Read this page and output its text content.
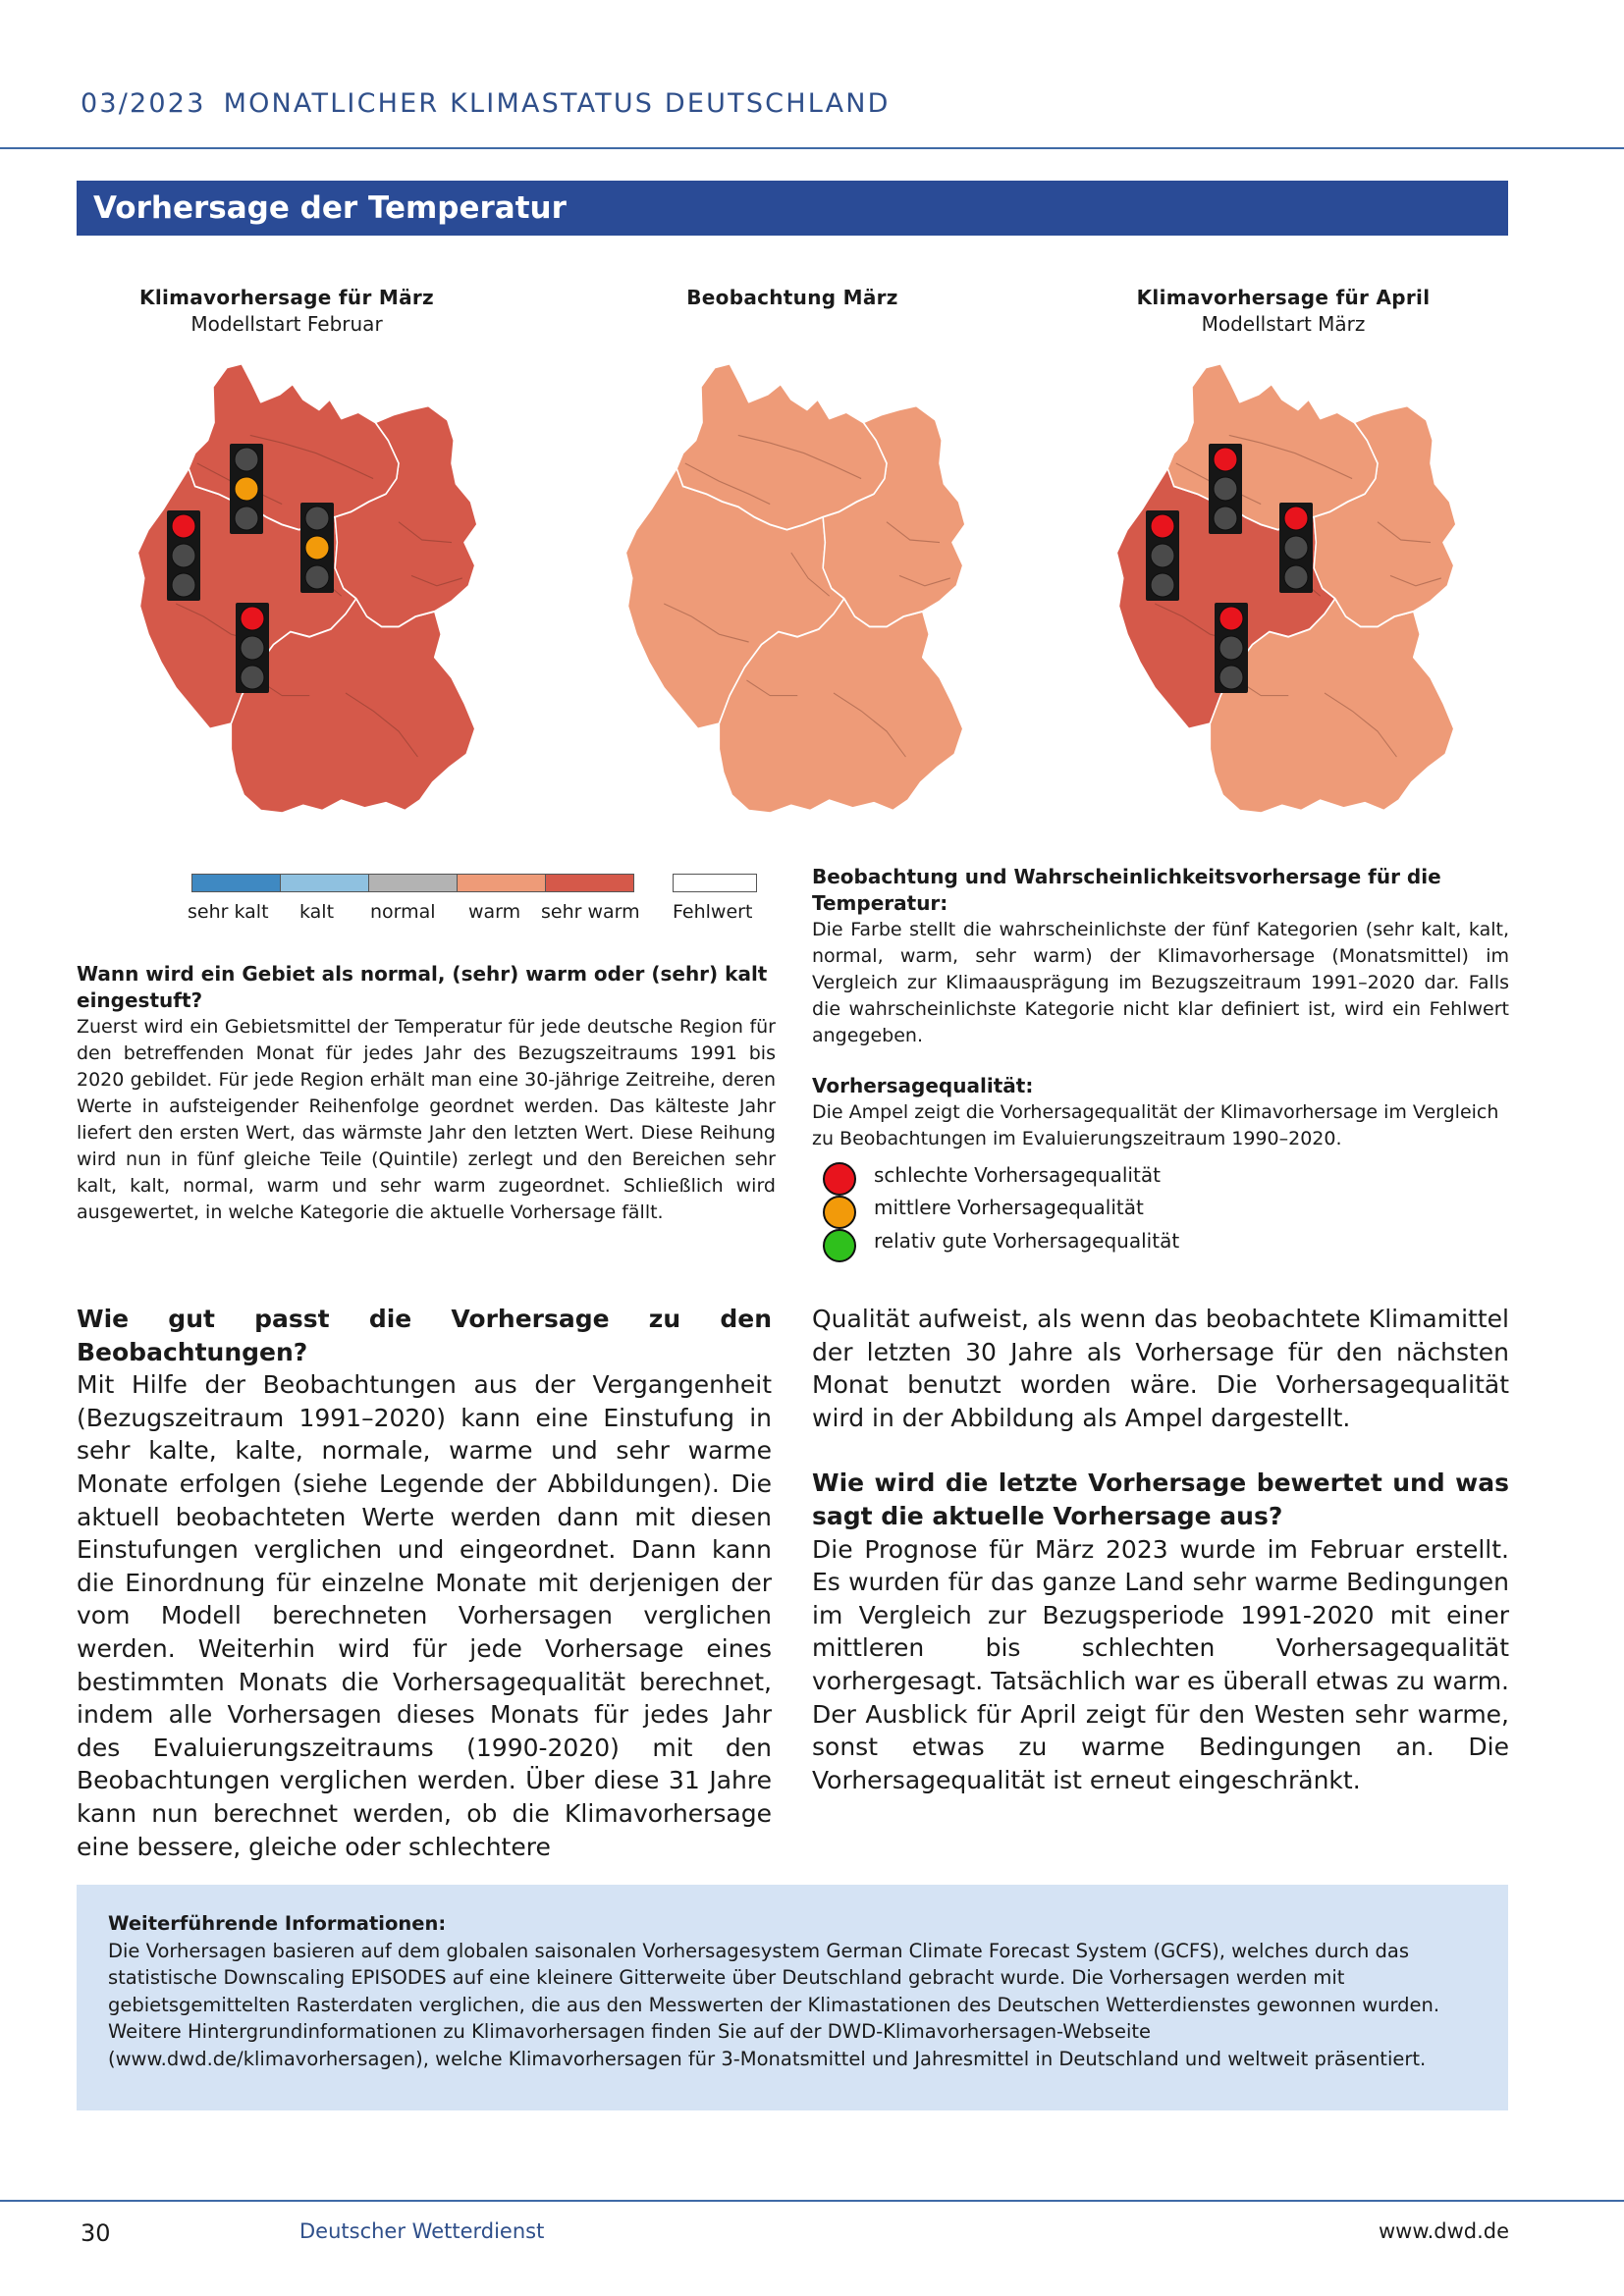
03/2023 MONATLICHER KLIMASTATUS DEUTSCHLAND
Vorhersage der Temperatur
Klimavorhersage für März
Modellstart Februar
Beobachtung März	Klimavorhersage für April
Modellstart März
sehr kalt kalt normal warm sehr warm Fehlwert
Wann wird ein Gebiet als normal, (sehr) warm oder (sehr) kalt eingestuft?
Zuerst wird ein Gebietsmittel der Temperatur für jede deutsche Region für den betreffenden Monat für jedes Jahr des Bezugszeitraums 1991 bis 2020 gebildet. Für jede Region erhält man eine 30-jährige Zeitreihe, deren Werte in aufsteigender Reihenfolge geordnet werden. Das kälteste Jahr liefert den ersten Wert, das wärmste Jahr den letzten Wert. Diese Reihung wird nun in fünf gleiche Teile (Quintile) zerlegt und den Bereichen sehr kalt, kalt, normal, warm und sehr warm zugeordnet. Schließlich wird ausgewertet, in welche Kategorie die aktuelle Vorhersage fällt.
Beobachtung und Wahrscheinlichkeitsvorhersage für die Temperatur:
Die Farbe stellt die wahrscheinlichste der fünf Kategorien (sehr kalt, kalt, normal, warm, sehr warm) der Klimavorhersage (Monatsmittel) im Vergleich zur Klimaausprägung im Bezugszeitraum 1991–2020 dar. Falls die wahrscheinlichste Kategorie nicht klar definiert ist, wird ein Fehlwert angegeben.
Vorhersagequalität:
Die Ampel zeigt die Vorhersagequalität der Klimavorhersage im Vergleich zu Beobachtungen im Evaluierungszeitraum 1990–2020.
schlechte Vorhersagequalität
mittlere Vorhersagequalität
relativ gute Vorhersagequalität
Wie gut passt die Vorhersage zu den Beobachtungen?

Mit Hilfe der Beobachtungen aus der Vergangenheit (Bezugszeitraum 1991–2020) kann eine Einstufung in sehr kalte, kalte, normale, warme und sehr warme Monate erfolgen (siehe Legende der Abbildungen). Die aktuell beobachteten Werte werden dann mit diesen Einstufungen verglichen und eingeordnet. Dann kann die Einordnung für einzelne Monate mit derjenigen der vom Modell berechneten Vorhersagen verglichen werden. Weiterhin wird für jede Vorhersage eines bestimmten Monats die Vorhersagequalität berechnet, indem alle Vorhersagen dieses Monats für jedes Jahr des Evaluierungszeitraums (1990-2020) mit den Beobachtungen verglichen werden. Über diese 31 Jahre kann nun berechnet werden, ob die Klimavorhersage eine bessere, gleiche oder schlechtere

Qualität aufweist, als wenn das beobachtete Klimamittel der letzten 30 Jahre als Vorhersage für den nächsten Monat benutzt worden wäre. Die Vorhersagequalität wird in der Abbildung als Ampel dargestellt.

Wie wird die letzte Vorhersage bewertet und was sagt die aktuelle Vorhersage aus?

Die Prognose für März 2023 wurde im Februar erstellt. Es wurden für das ganze Land sehr warme Bedingungen im Vergleich zur Bezugsperiode 1991-2020 mit einer mittleren bis schlechten Vorhersagequalität vorhergesagt. Tatsächlich war es überall etwas zu warm. Der Ausblick für April zeigt für den Westen sehr warme, sonst etwas zu warme Bedingungen an. Die Vorhersagequalität ist erneut eingeschränkt.

Weiterführende Informationen:
Die Vorhersagen basieren auf dem globalen saisonalen Vorhersagesystem German Climate Forecast System (GCFS), welches durch das statistische Downscaling EPISODES auf eine kleinere Gitterweite über Deutschland gebracht wurde. Die Vorhersagen werden mit gebietsgemittelten Rasterdaten verglichen, die aus den Messwerten der Klimastationen des Deutschen Wetterdienstes gewonnen wurden. Weitere Hintergrundinformationen zu Klimavorhersagen finden Sie auf der DWD-Klimavorhersagen-Webseite (www.dwd.de/klimavorhersagen), welche Klimavorhersagen für 3-Monatsmittel und Jahresmittel in Deutschland und weltweit präsentiert.
30	Deutscher Wetterdienst	www.dwd.de
